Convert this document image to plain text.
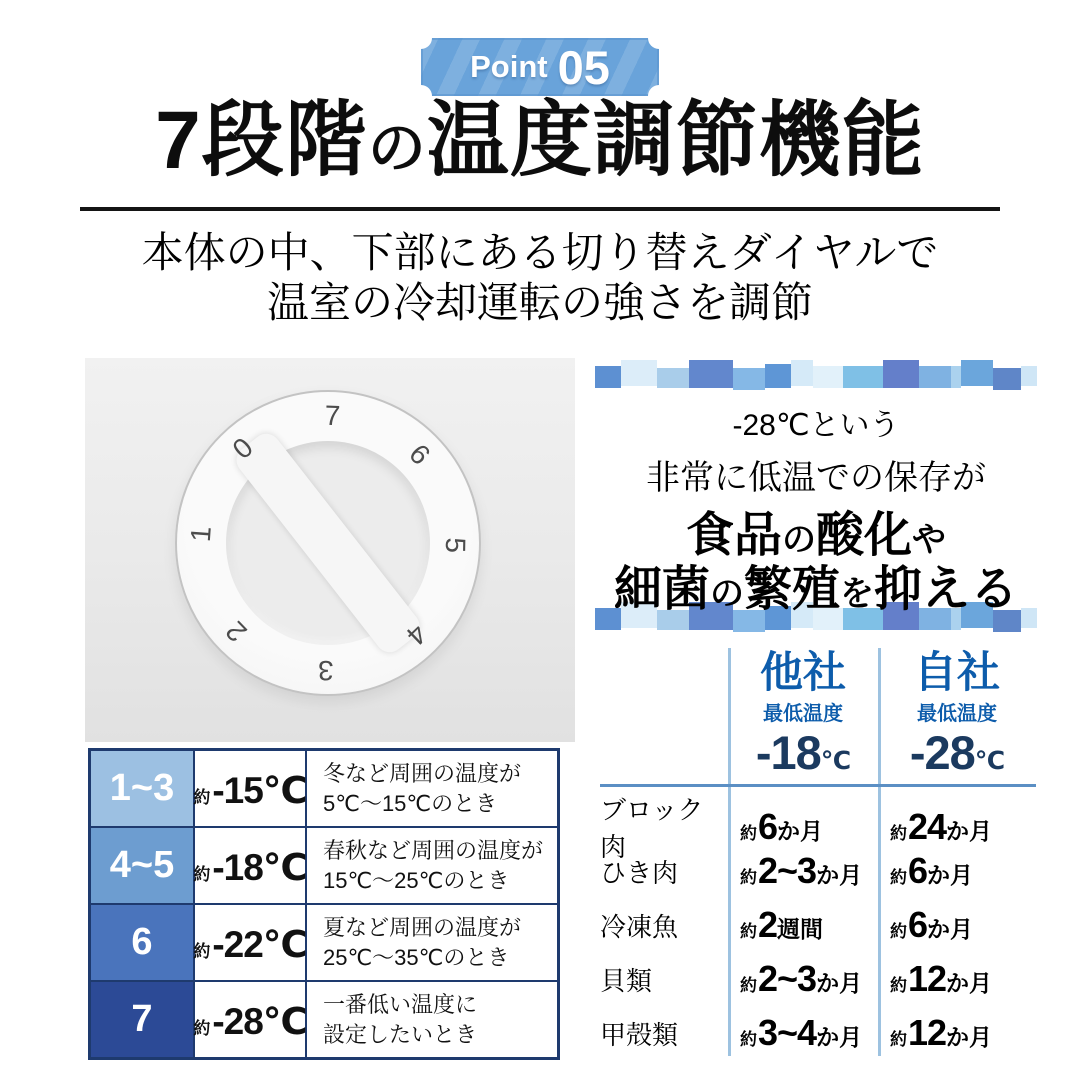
Point 05
7段階の温度調節機能
本体の中、下部にある切り替えダイヤルで
温室の冷却運転の強さを調節
0
1
2
3
4
5
6
7	-28℃という
非常に低温での保存が
食品の酸化や
細菌の繁殖を抑える
1~3	約 -15℃ 冬など周囲の温度が
5℃〜15℃のとき
4~5	約 -18℃ 春秋など周囲の温度が
15℃〜25℃のとき
6	約 -22℃ 夏など周囲の温度が
25℃〜35℃のとき
7	約 -28℃ 一番低い温度に
設定したいとき
他社
最低温度
-18℃
自社
最低温度
-28℃
ブロック肉	約 6 か月	約 24 か月
ひき肉	約 2~3 か月 約 6 か月
冷凍魚	約 2 週間	約 6 か月
貝類	約 2~3 か月 約 12 か月
甲殻類	約 3~4 か月 約 12 か月
